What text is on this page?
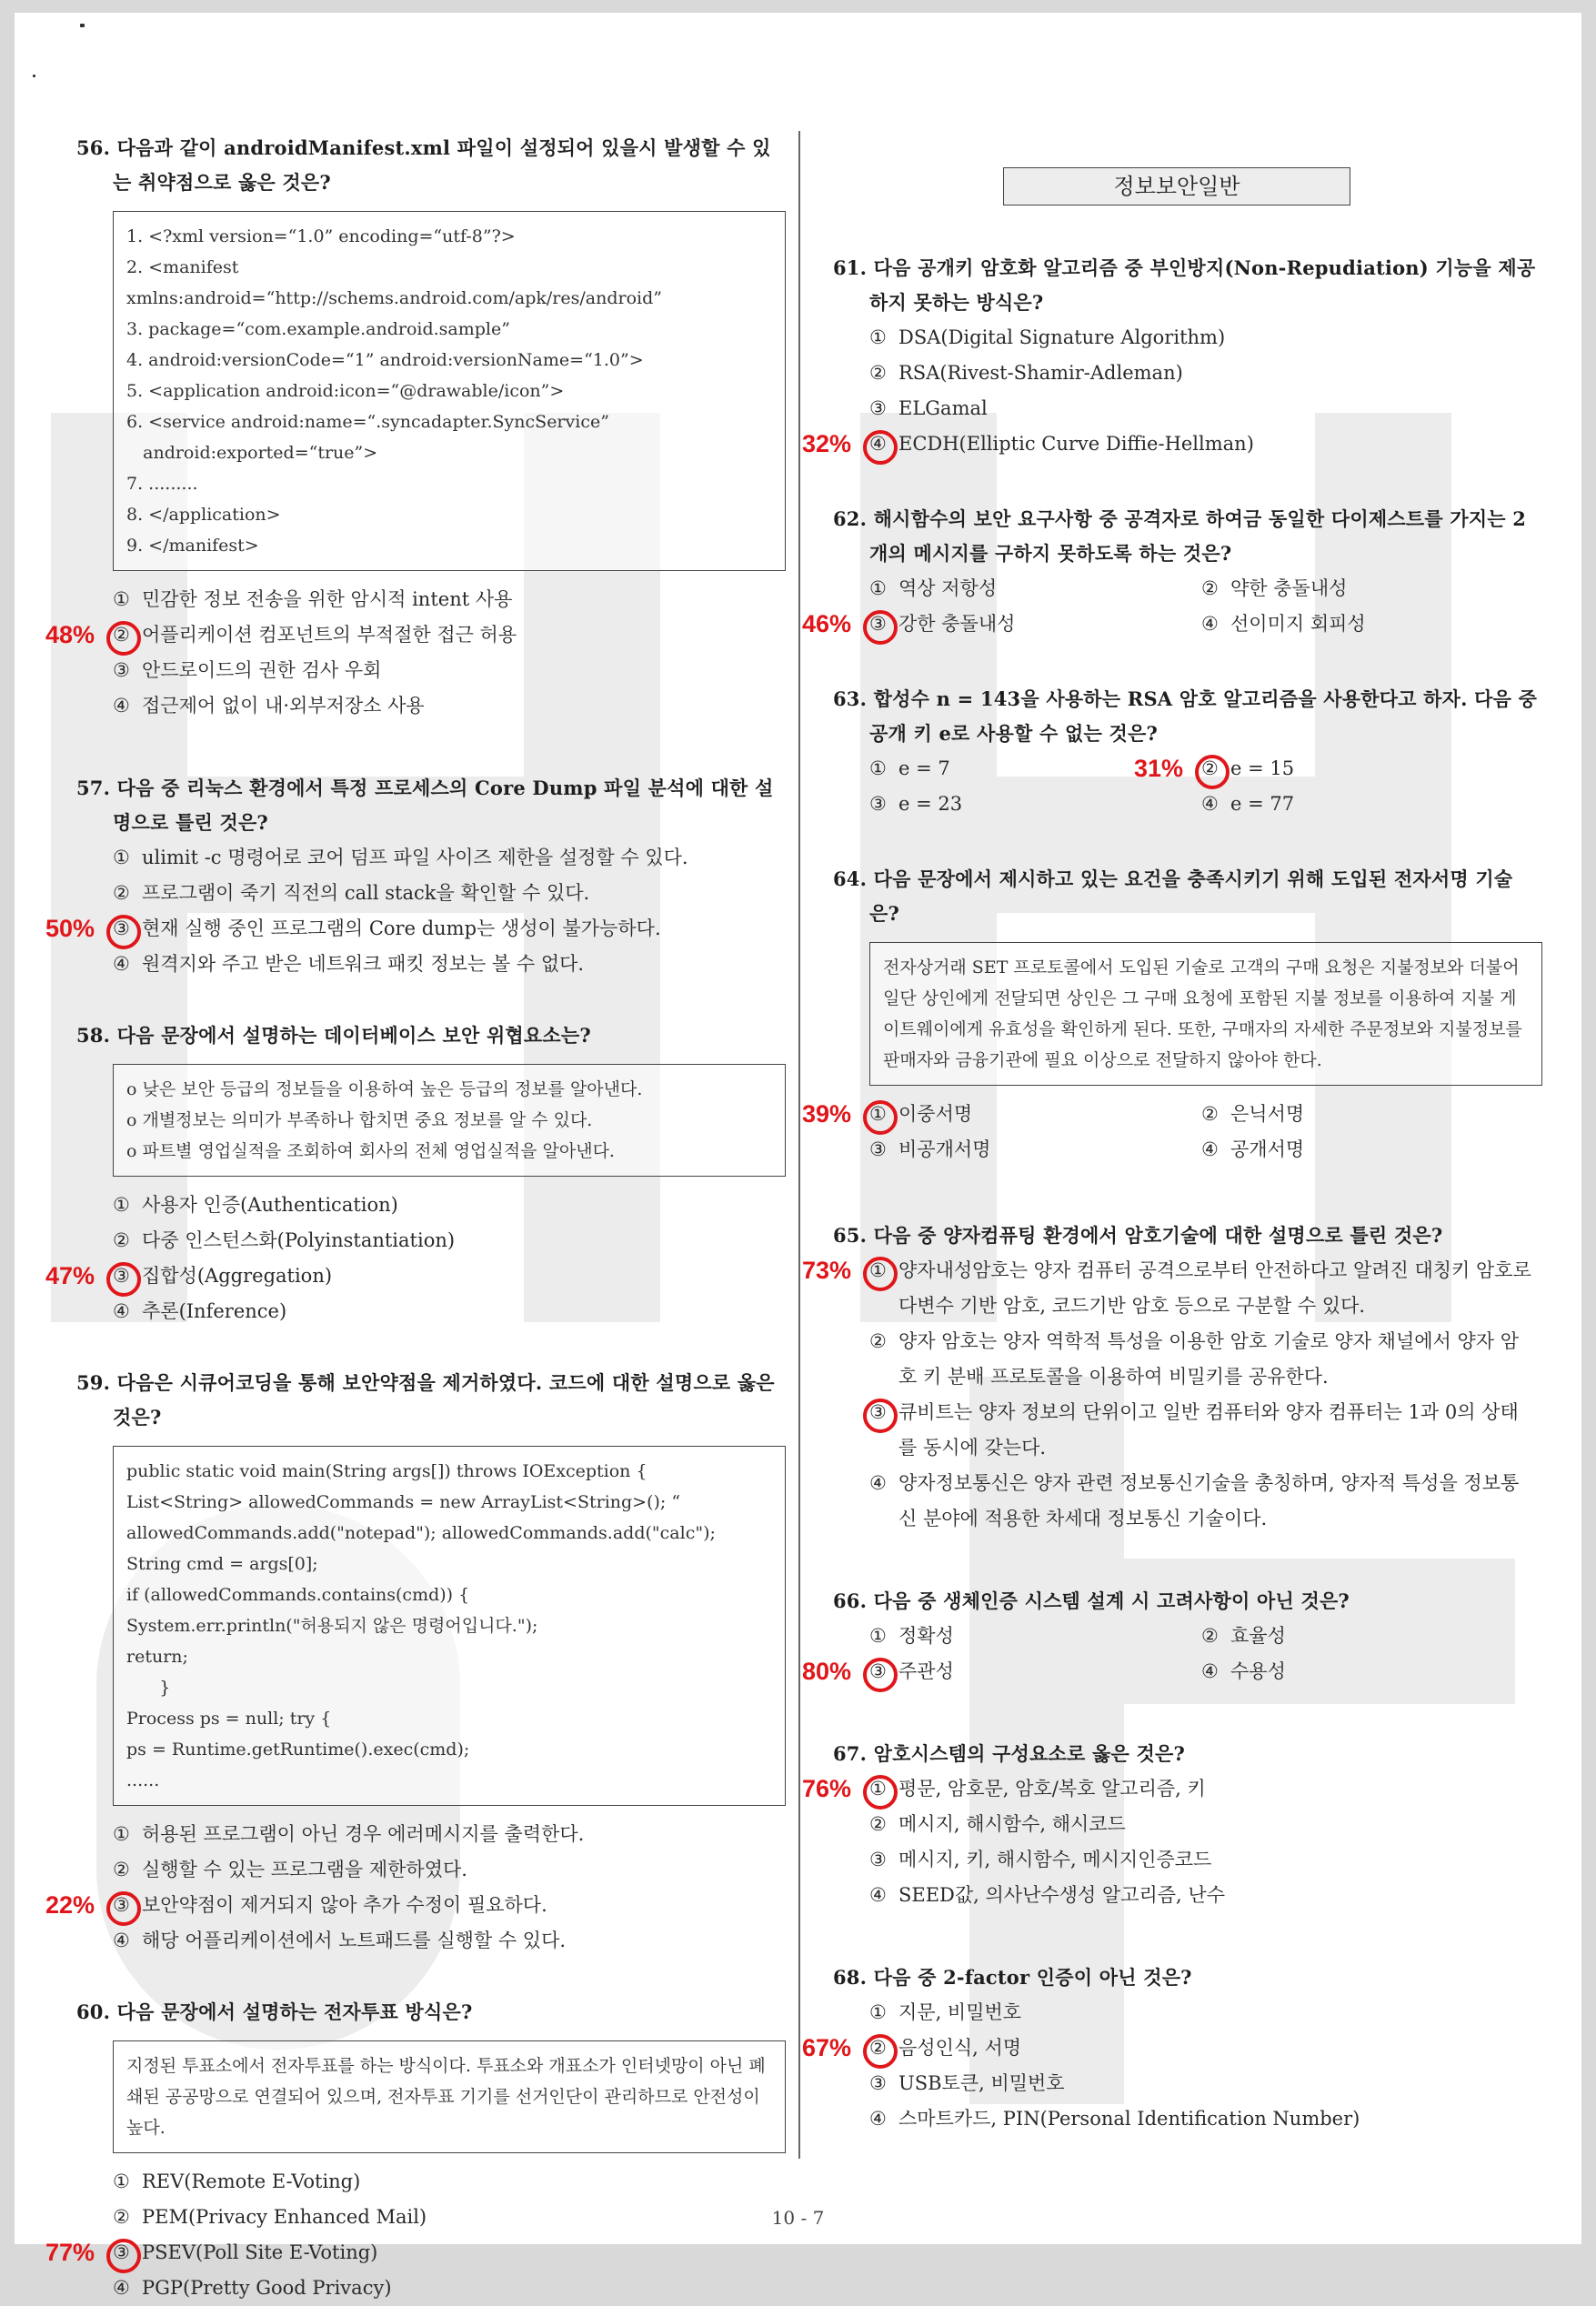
정보보안일반
56. 다음과 같이 androidManifest.xml 파일이 설정되어 있을시 발생할 수 있는 취약점으로 옳은 것은?
1. <?xml version=“1.0” encoding=“utf-8”?>
2. <manifest xmlns:android=“http://schems.android.com/apk/res/android”
3. package=“com.example.android.sample”
4. android:versionCode=“1” android:versionName=“1.0”>
5. <application android:icon=“@drawable/icon”>
6. <service android:name=“.syncadapter.SyncService”
android:exported=“true”>
7. .........
8. </application>
9. </manifest>
① 민감한 정보 전송을 위한 암시적 intent 사용
② 어플리케이션 컴포넌트의 부적절한 접근 허용
48%
③ 안드로이드의 권한 검사 우회
④ 접근제어 없이 내·외부저장소 사용
57. 다음 중 리눅스 환경에서 특정 프로세스의 Core Dump 파일 분석에 대한 설명으로 틀린 것은?
① ulimit -c 명령어로 코어 덤프 파일 사이즈 제한을 설정할 수 있다.
② 프로그램이 죽기 직전의 call stack을 확인할 수 있다.
③ 현재 실행 중인 프로그램의 Core dump는 생성이 불가능하다.
50%
④ 원격지와 주고 받은 네트워크 패킷 정보는 볼 수 없다.
58. 다음 문장에서 설명하는 데이터베이스 보안 위협요소는?
o 낮은 보안 등급의 정보들을 이용하여 높은 등급의 정보를 알아낸다.
o 개별정보는 의미가 부족하나 합치면 중요 정보를 알 수 있다.
o 파트별 영업실적을 조회하여 회사의 전체 영업실적을 알아낸다.
① 사용자 인증(Authentication)
② 다중 인스턴스화(Polyinstantiation)
③ 집합성(Aggregation)
47%
④ 추론(Inference)
59. 다음은 시큐어코딩을 통해 보안약점을 제거하였다. 코드에 대한 설명으로 옳은 것은?
public static void main(String args[]) throws IOException {
List<String> allowedCommands = new ArrayList<String>(); “
allowedCommands.add("notepad"); allowedCommands.add("calc");
String cmd = args[0];
if (allowedCommands.contains(cmd)) {
System.err.println("허용되지 않은 명령어입니다.");
return;
}
Process ps = null; try {
ps = Runtime.getRuntime().exec(cmd);
......
① 허용된 프로그램이 아닌 경우 에러메시지를 출력한다.
② 실행할 수 있는 프로그램을 제한하였다.
③ 보안약점이 제거되지 않아 추가 수정이 필요하다.
22%
④ 해당 어플리케이션에서 노트패드를 실행할 수 있다.
60. 다음 문장에서 설명하는 전자투표 방식은?
지정된 투표소에서 전자투표를 하는 방식이다. 투표소와 개표소가 인터넷망이 아닌 폐쇄된 공공망으로 연결되어 있으며, 전자투표 기기를 선거인단이 관리하므로 안전성이 높다.
① REV(Remote E-Voting)
② PEM(Privacy Enhanced Mail)
③ PSEV(Poll Site E-Voting)
77%
④ PGP(Pretty Good Privacy)
61. 다음 공개키 암호화 알고리즘 중 부인방지(Non-Repudiation) 기능을 제공하지 못하는 방식은?
① DSA(Digital Signature Algorithm)
② RSA(Rivest-Shamir-Adleman)
③ ELGamal
④ ECDH(Elliptic Curve Diffie-Hellman)
32%
62. 해시함수의 보안 요구사항 중 공격자로 하여금 동일한 다이제스트를 가지는 2개의 메시지를 구하지 못하도록 하는 것은?
① 역상 저항성	② 약한 충돌내성
③ 강한 충돌내성
46%	④ 선이미지 회피성

63. 합성수 n = 143을 사용하는 RSA 암호 알고리즘을 사용한다고 하자. 다음 중 공개 키 e로 사용할 수 없는 것은?
① e = 7	② e = 15
31%

③ e = 23	④ e = 77

64. 다음 문장에서 제시하고 있는 요건을 충족시키기 위해 도입된 전자서명 기술은?
전자상거래 SET 프로토콜에서 도입된 기술로 고객의 구매 요청은 지불정보와 더불어 일단 상인에게 전달되면 상인은 그 구매 요청에 포함된 지불 정보를 이용하여 지불 게이트웨이에게 유효성을 확인하게 된다. 또한, 구매자의 자세한 주문정보와 지불정보를 판매자와 금융기관에 필요 이상으로 전달하지 않아야 한다.
① 이중서명
39%	② 은닉서명
③ 비공개서명	④ 공개서명

65. 다음 중 양자컴퓨팅 환경에서 암호기술에 대한 설명으로 틀린 것은?
① 양자내성암호는 양자 컴퓨터 공격으로부터 안전하다고 알려진 대칭키 암호로 다변수 기반 암호, 코드기반 암호 등으로 구분할 수 있다.
73%
② 양자 암호는 양자 역학적 특성을 이용한 암호 기술로 양자 채널에서 양자 암호 키 분배 프로토콜을 이용하여 비밀키를 공유한다.
③ 큐비트는 양자 정보의 단위이고 일반 컴퓨터와 양자 컴퓨터는 1과 0의 상태를 동시에 갖는다.
④ 양자정보통신은 양자 관련 정보통신기술을 총칭하며, 양자적 특성을 정보통신 분야에 적용한 차세대 정보통신 기술이다.
66. 다음 중 생체인증 시스템 설계 시 고려사항이 아닌 것은?
① 정확성	② 효율성
③ 주관성
80%	④ 수용성

67. 암호시스템의 구성요소로 옳은 것은?
① 평문, 암호문, 암호/복호 알고리즘, 키
76%
② 메시지, 해시함수, 해시코드
③ 메시지, 키, 해시함수, 메시지인증코드
④ SEED값, 의사난수생성 알고리즘, 난수
68. 다음 중 2-factor 인증이 아닌 것은?
① 지문, 비밀번호
② 음성인식, 서명
67%
③ USB토큰, 비밀번호
④ 스마트카드, PIN(Personal Identification Number)
10 - 7
